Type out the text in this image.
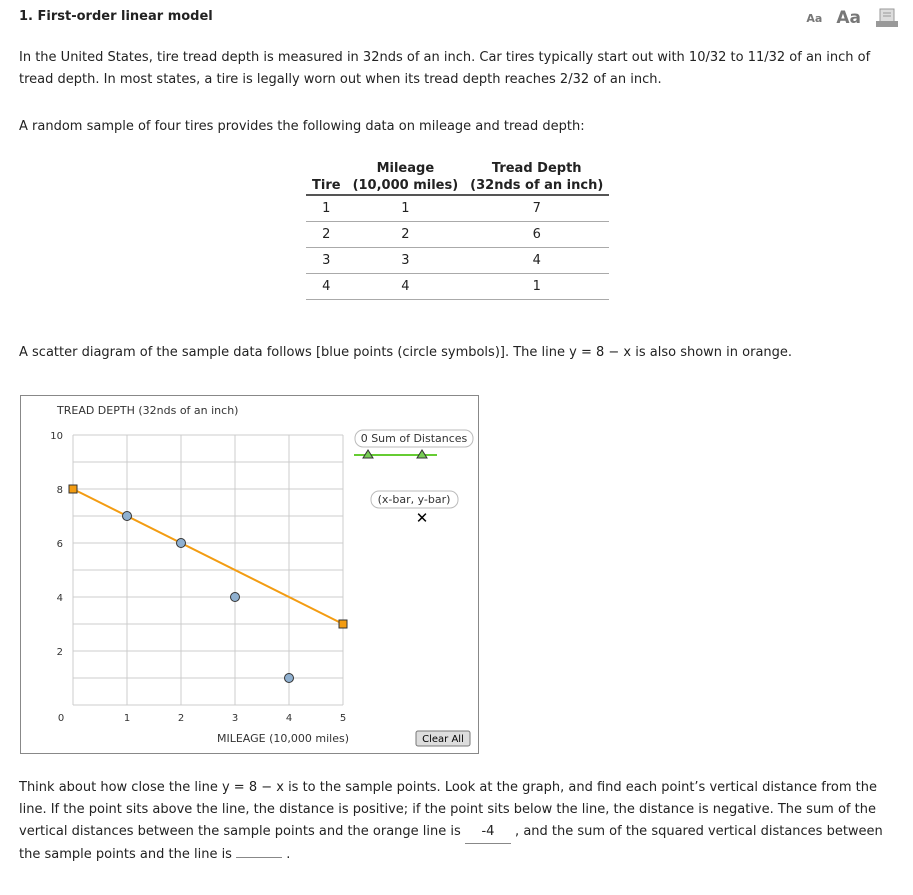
1. First-order linear model	Aa Aa
In the United States, tire tread depth is measured in 32nds of an inch. Car tires typically start out with 10/32 to 11/32 of an inch of tread depth. In most states, a tire is legally worn out when its tread depth reaches 2/32 of an inch.
A random sample of four tires provides the following data on mileage and tread depth:
	Mileage	Tread Depth
Tire	(10,000 miles)	(32nds of an inch)
1	1	7
2	2	6
3	3	4
4	4	1
A scatter diagram of the sample data follows [blue points (circle symbols)]. The line y = 8 − x is also shown in orange.
TREAD DEPTH (32nds of an inch)
MILEAGE (10,000 miles)
0	1	2	3	4	5
2
4
6
8
10	0 Sum of Distances
(x-bar, y-bar)
✕
Clear All
Think about how close the line y = 8 − x is to the sample points. Look at the graph, and find each point’s vertical distance from the line. If the point sits above the line, the distance is positive; if the point sits below the line, the distance is negative. The sum of the vertical distances between the sample points and the orange line is -4 , and the sum of the squared vertical distances between the sample points and the line is	.
